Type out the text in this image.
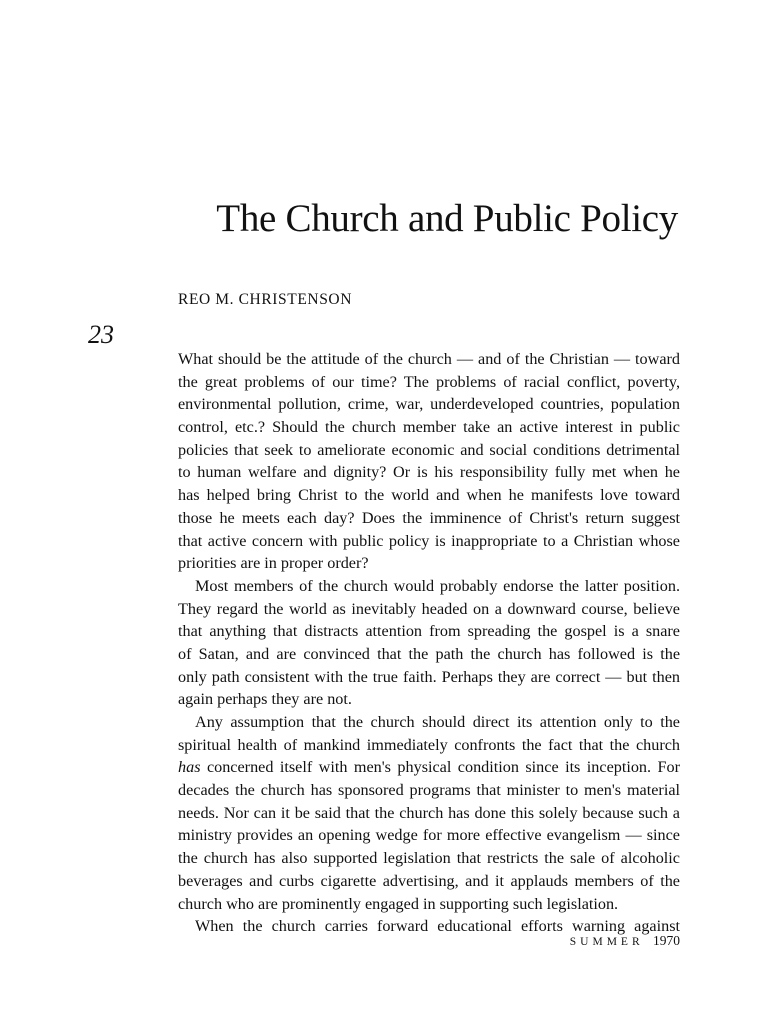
The Church and Public Policy

REO M. CHRISTENSON

23

What should be the attitude of the church — and of the Christian — toward
the great problems of our time? The problems of racial conflict, poverty,
environmental pollution, crime, war, underdeveloped countries, population
control, etc.? Should the church member take an active interest in public
policies that seek to ameliorate economic and social conditions detrimental
to human welfare and dignity? Or is his responsibility fully met when he
has helped bring Christ to the world and when he manifests love toward
those he meets each day? Does the imminence of Christ's return suggest
that active concern with public policy is inappropriate to a Christian whose
priorities are in proper order?
Most members of the church would probably endorse the latter position.
They regard the world as inevitably headed on a downward course, believe
that anything that distracts attention from spreading the gospel is a snare
of Satan, and are convinced that the path the church has followed is the
only path consistent with the true faith. Perhaps they are correct — but then
again perhaps they are not.
Any assumption that the church should direct its attention only to the
spiritual health of mankind immediately confronts the fact that the church
has concerned itself with men's physical condition since its inception. For
decades the church has sponsored programs that minister to men's material
needs. Nor can it be said that the church has done this solely because such a
ministry provides an opening wedge for more effective evangelism — since
the church has also supported legislation that restricts the sale of alcoholic
beverages and curbs cigarette advertising, and it applauds members of the
church who are prominently engaged in supporting such legislation.
When the church carries forward educational efforts warning against
SUMMER 1970
